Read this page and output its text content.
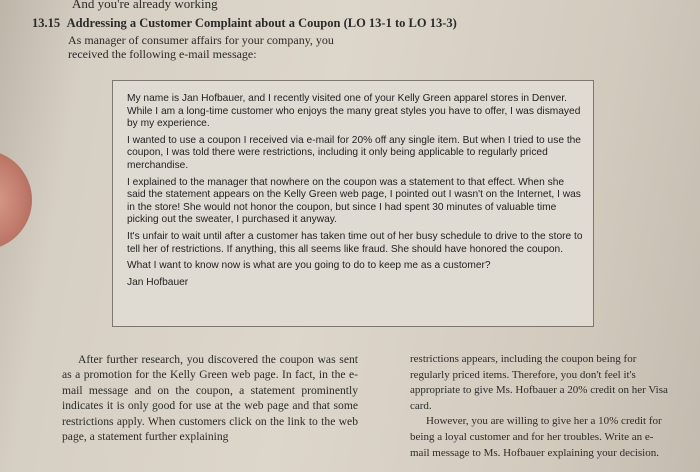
And you're already working
13.15 Addressing a Customer Complaint about a Coupon (LO 13-1 to LO 13-3)
As manager of consumer affairs for your company, you received the following e-mail message:

My name is Jan Hofbauer, and I recently visited one of your Kelly Green apparel stores in Denver. While I am a long-time customer who enjoys the many great styles you have to offer, I was dismayed by my experience.

I wanted to use a coupon I received via e-mail for 20% off any single item. But when I tried to use the coupon, I was told there were restrictions, including it only being applicable to regularly priced merchandise.

I explained to the manager that nowhere on the coupon was a statement to that effect. When she said the statement appears on the Kelly Green web page, I pointed out I wasn't on the Internet, I was in the store! She would not honor the coupon, but since I had spent 30 minutes of valuable time picking out the sweater, I purchased it anyway.

It's unfair to wait until after a customer has taken time out of her busy schedule to drive to the store to tell her of restrictions. If anything, this all seems like fraud. She should have honored the coupon.

What I want to know now is what are you going to do to keep me as a customer?

Jan Hofbauer

After further research, you discovered the coupon was sent as a promotion for the Kelly Green web page. In fact, in the e-mail message and on the coupon, a statement prominently indicates it is only good for use at the web page and that some restrictions apply. When customers click on the link to the web page, a statement further explaining

restrictions appears, including the coupon being for regularly priced items. Therefore, you don't feel it's appropriate to give Ms. Hofbauer a 20% credit on her Visa card.

However, you are willing to give her a 10% credit for being a loyal customer and for her troubles. Write an e-mail message to Ms. Hofbauer explaining your decision.
